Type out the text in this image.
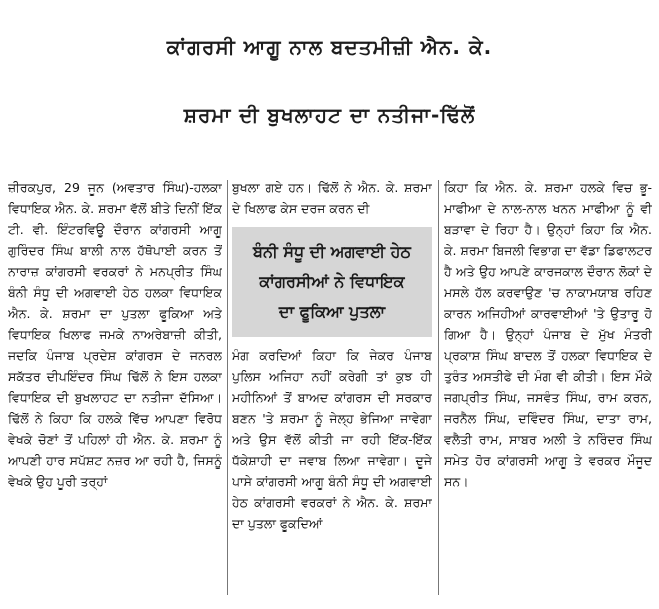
ਕਾਂਗਰਸੀ ਆਗੂ ਨਾਲ ਬਦਤਮੀਜ਼ੀ ਐਨ. ਕੇ.
ਸ਼ਰਮਾ ਦੀ ਬੁਖਲਾਹਟ ਦਾ ਨਤੀਜਾ-ਢਿੱਲੋਂ
ਜ਼ੀਰਕਪੁਰ, 29 ਜੂਨ (ਅਵਤਾਰ ਸਿੰਘ)-ਹਲਕਾ ਵਿਧਾਇਕ ਐਨ. ਕੇ. ਸ਼ਰਮਾ ਵੱਲੋਂ ਬੀਤੇ ਦਿਨੀਂ ਇੱਕ ਟੀ. ਵੀ. ਇੰਟਰਵਿਊ ਦੌਰਾਨ ਕਾਂਗਰਸੀ ਆਗੂ ਗੁਰਿੰਦਰ ਸਿੰਘ ਬਾਲੀ ਨਾਲ ਹੱਥੋਪਾਈ ਕਰਨ ਤੋਂ ਨਾਰਾਜ਼ ਕਾਂਗਰਸੀ ਵਰਕਰਾਂ ਨੇ ਮਨਪ੍ਰੀਤ ਸਿੰਘ ਬੰਨੀ ਸੰਧੂ ਦੀ ਅਗਵਾਈ ਹੇਠ ਹਲਕਾ ਵਿਧਾਇਕ ਐਨ. ਕੇ. ਸ਼ਰਮਾ ਦਾ ਪੁਤਲਾ ਫੂਕਿਆ ਅਤੇ ਵਿਧਾਇਕ ਖਿਲਾਫ ਜਮਕੇ ਨਾਅਰੇਬਾਜ਼ੀ ਕੀਤੀ, ਜਦਕਿ ਪੰਜਾਬ ਪ੍ਰਦੇਸ਼ ਕਾਂਗਰਸ ਦੇ ਜਨਰਲ ਸਕੱਤਰ ਦੀਪਇੰਦਰ ਸਿੰਘ ਢਿੱਲੋਂ ਨੇ ਇਸ ਹਲਕਾ ਵਿਧਾਇਕ ਦੀ ਬੁਖਲਾਹਟ ਦਾ ਨਤੀਜਾ ਦੱਸਿਆ। ਢਿੱਲੋਂ ਨੇ ਕਿਹਾ ਕਿ ਹਲਕੇ ਵਿੱਚ ਆਪਣਾ ਵਿਰੋਧ ਵੇਖਕੇ ਚੋਣਾਂ ਤੋਂ ਪਹਿਲਾਂ ਹੀ ਐਨ. ਕੇ. ਸ਼ਰਮਾ ਨੂੰ ਆਪਣੀ ਹਾਰ ਸਪੱਸ਼ਟ ਨਜ਼ਰ ਆ ਰਹੀ ਹੈ, ਜਿਸਨੂੰ ਵੇਖਕੇ ਉਹ ਪੂਰੀ ਤਰ੍ਹਾਂ
ਬੁਖਲਾ ਗਏ ਹਨ। ਢਿੱਲੋਂ ਨੇ ਐਨ. ਕੇ. ਸ਼ਰਮਾ ਦੇ ਖਿਲਾਫ ਕੇਸ ਦਰਜ ਕਰਨ ਦੀ
ਬੰਨੀ ਸੰਧੂ ਦੀ ਅਗਵਾਈ ਹੇਠ
ਕਾਂਗਰਸੀਆਂ ਨੇ ਵਿਧਾਇਕ
ਦਾ ਫੂਕਿਆ ਪੁਤਲਾ
ਮੰਗ ਕਰਦਿਆਂ ਕਿਹਾ ਕਿ ਜੇਕਰ ਪੰਜਾਬ ਪੁਲਿਸ ਅਜਿਹਾ ਨਹੀਂ ਕਰੇਗੀ ਤਾਂ ਕੁਝ ਹੀ ਮਹੀਨਿਆਂ ਤੋਂ ਬਾਅਦ ਕਾਂਗਰਸ ਦੀ ਸਰਕਾਰ ਬਣਨ 'ਤੇ ਸ਼ਰਮਾ ਨੂੰ ਜੇਲ੍ਹ ਭੇਜਿਆ ਜਾਵੇਗਾ ਅਤੇ ਉਸ ਵੱਲੋਂ ਕੀਤੀ ਜਾ ਰਹੀ ਇੱਕ-ਇੱਕ ਧੱਕੇਸ਼ਾਹੀ ਦਾ ਜਵਾਬ ਲਿਆ ਜਾਵੇਗਾ। ਦੂਜੇ ਪਾਸੇ ਕਾਂਗਰਸੀ ਆਗੂ ਬੰਨੀ ਸੰਧੂ ਦੀ ਅਗਵਾਈ ਹੇਠ ਕਾਂਗਰਸੀ ਵਰਕਰਾਂ ਨੇ ਐਨ. ਕੇ. ਸ਼ਰਮਾ ਦਾ ਪੁਤਲਾ ਫੂਕਦਿਆਂ
ਕਿਹਾ ਕਿ ਐਨ. ਕੇ. ਸ਼ਰਮਾ ਹਲਕੇ ਵਿਚ ਭੂ-ਮਾਫੀਆ ਦੇ ਨਾਲ-ਨਾਲ ਖਨਨ ਮਾਫੀਆ ਨੂੰ ਵੀ ਬੜਾਵਾ ਦੇ ਰਿਹਾ ਹੈ। ਉਨ੍ਹਾਂ ਕਿਹਾ ਕਿ ਐਨ. ਕੇ. ਸ਼ਰਮਾ ਬਿਜਲੀ ਵਿਭਾਗ ਦਾ ਵੱਡਾ ਡਿਫਾਲਟਰ ਹੈ ਅਤੇ ਉਹ ਆਪਣੇ ਕਾਰਜਕਾਲ ਦੌਰਾਨ ਲੋਕਾਂ ਦੇ ਮਸਲੇ ਹੱਲ ਕਰਵਾਉਣ 'ਚ ਨਾਕਾਮਯਾਬ ਰਹਿਣ ਕਾਰਨ ਅਜਿਹੀਆਂ ਕਾਰਵਾਈਆਂ 'ਤੇ ਉਤਾਰੂ ਹੋ ਗਿਆ ਹੈ। ਉਨ੍ਹਾਂ ਪੰਜਾਬ ਦੇ ਮੁੱਖ ਮੰਤਰੀ ਪ੍ਰਕਾਸ਼ ਸਿੰਘ ਬਾਦਲ ਤੋਂ ਹਲਕਾ ਵਿਧਾਇਕ ਦੇ ਤੁਰੰਤ ਅਸਤੀਫੇ ਦੀ ਮੰਗ ਵੀ ਕੀਤੀ। ਇਸ ਮੌਕੇ ਜਗਪ੍ਰੀਤ ਸਿੰਘ, ਜਸਵੰਤ ਸਿੰਘ, ਰਾਮ ਕਰਨ, ਜਰਨੈਲ ਸਿੰਘ, ਦਵਿੰਦਰ ਸਿੰਘ, ਦਾਤਾ ਰਾਮ, ਵਲੈਤੀ ਰਾਮ, ਸਾਬਰ ਅਲੀ ਤੇ ਨਰਿੰਦਰ ਸਿੰਘ ਸਮੇਤ ਹੋਰ ਕਾਂਗਰਸੀ ਆਗੂ ਤੇ ਵਰਕਰ ਮੌਜੂਦ ਸਨ।
